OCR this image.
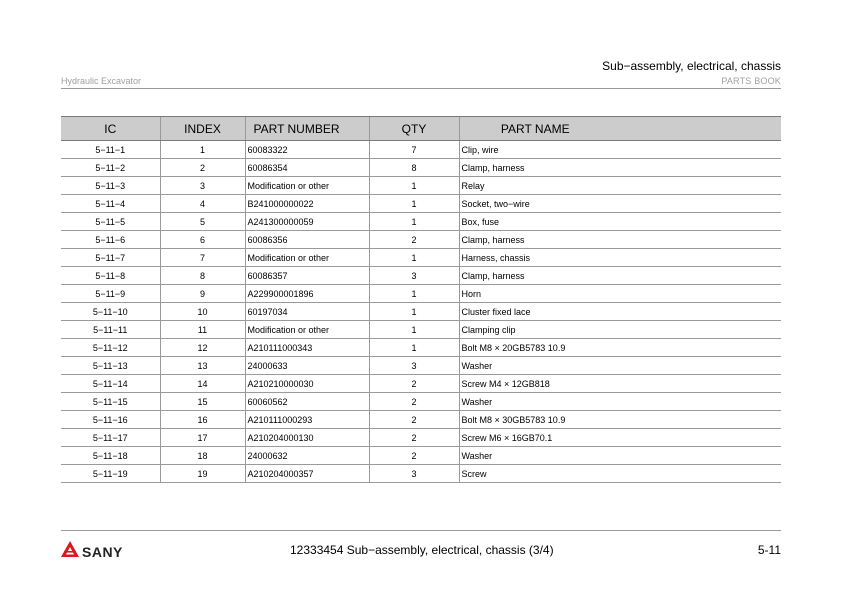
Sub−assembly, electrical, chassis
Hydraulic Excavator	PARTS BOOK
IC	INDEX	PART NUMBER	QTY	PART NAME
5−11−1	1	60083322	7	Clip, wire
5−11−2	2	60086354	8	Clamp, harness
5−11−3	3	Modification or other	1	Relay
5−11−4	4	B241000000022	1	Socket, two−wire
5−11−5	5	A241300000059	1	Box, fuse
5−11−6	6	60086356	2	Clamp, harness
5−11−7	7	Modification or other	1	Harness, chassis
5−11−8	8	60086357	3	Clamp, harness
5−11−9	9	A229900001896	1	Horn
5−11−10	10	60197034	1	Cluster fixed lace
5−11−11	11	Modification or other	1	Clamping clip
5−11−12	12	A210111000343	1	Bolt M8 × 20GB5783 10.9
5−11−13	13	24000633	3	Washer
5−11−14	14	A210210000030	2	Screw M4 × 12GB818
5−11−15	15	60060562	2	Washer
5−11−16	16	A210111000293	2	Bolt M8 × 30GB5783 10.9
5−11−17	17	A210204000130	2	Screw M6 × 16GB70.1
5−11−18	18	24000632	2	Washer
5−11−19	19	A210204000357	3	Screw
SANY	12333454 Sub−assembly, electrical, chassis (3/4)	5-11
